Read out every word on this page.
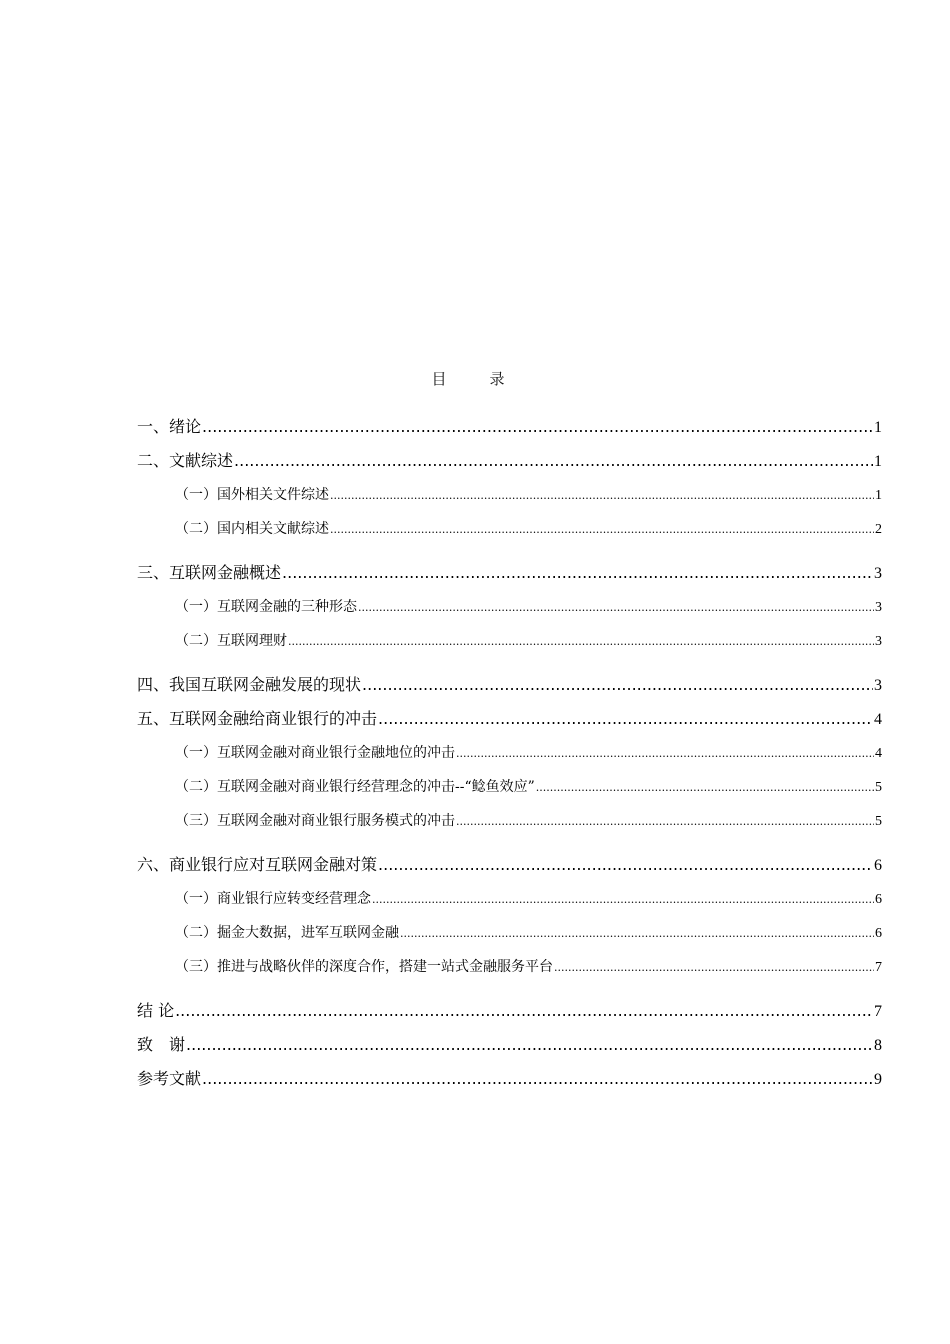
目　录
一、绪论 .....	1
二、文献综述 .....	1
（一）国外相关文件综述 .....	1
（二）国内相关文献综述 .....	2
三、互联网金融概述 .....	3
（一）互联网金融的三种形态 .....	3
（二）互联网理财 .....	3
四、我国互联网金融发展的现状 .....	3
五、互联网金融给商业银行的冲击 .....	4
（一）互联网金融对商业银行金融地位的冲击 .....	4
（二）互联网金融对商业银行经营理念的冲击--“鲶鱼效应” .....	5
（三）互联网金融对商业银行服务模式的冲击 .....	5
六、商业银行应对互联网金融对策 .....	6
（一）商业银行应转变经营理念 .....	6
（二）掘金大数据，进军互联网金融 .....	6
（三）推进与战略伙伴的深度合作，搭建一站式金融服务平台 .....	7
结 论 .....	7
致　谢 .....	8
参考文献 .....	9
